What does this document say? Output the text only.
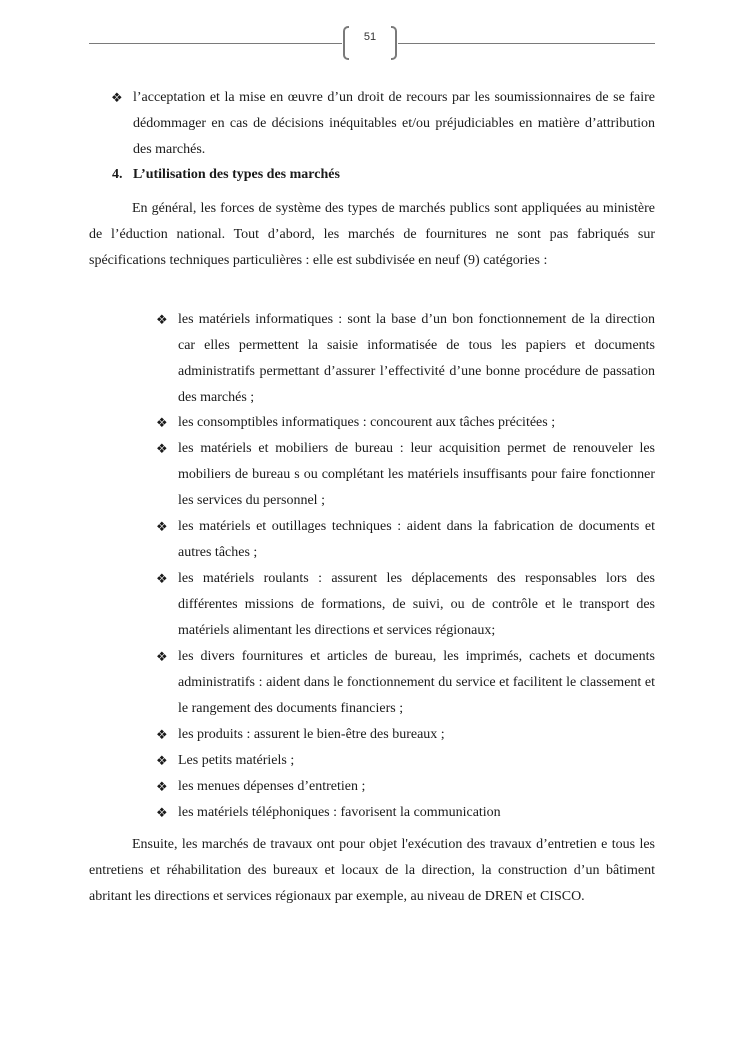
51
❖ l’acceptation et la mise en œuvre d’un droit de recours par les soumissionnaires de se faire dédommager en cas de décisions inéquitables et/ou préjudiciables en matière d’attribution des marchés.
4. L’utilisation des types des marchés
En général, les forces de système des types de marchés publics sont appliquées au ministère de l’éduction national. Tout d’abord, les marchés de fournitures ne sont pas fabriqués sur spécifications techniques particulières : elle est subdivisée en neuf (9) catégories :
❖ les matériels informatiques : sont la base d’un bon fonctionnement de la direction car elles permettent la saisie informatisée de tous les papiers et documents administratifs permettant d’assurer l’effectivité d’une bonne procédure de passation des marchés ;
❖ les consomptibles informatiques : concourent aux tâches précitées ;
❖ les matériels et mobiliers de bureau : leur acquisition permet de renouveler les mobiliers de bureau s ou complétant les matériels insuffisants pour faire fonctionner les services du personnel ;
❖ les matériels et outillages techniques : aident dans la fabrication de documents et autres tâches ;
❖ les matériels roulants : assurent les déplacements des responsables lors des différentes missions de formations, de suivi, ou de contrôle et le transport des matériels alimentant les directions et services régionaux;
❖ les divers fournitures et articles de bureau, les imprimés, cachets et documents administratifs : aident dans le fonctionnement du service et facilitent le classement et le rangement des documents financiers ;
❖ les produits : assurent le bien-être des bureaux ;
❖ Les petits matériels ;
❖ les menues dépenses d’entretien ;
❖ les matériels téléphoniques : favorisent la communication
Ensuite, les marchés de travaux ont pour objet l'exécution des travaux d’entretien e tous les entretiens et réhabilitation des bureaux et locaux de la direction, la construction d’un bâtiment abritant les directions et services régionaux par exemple, au niveau de DREN et CISCO.
